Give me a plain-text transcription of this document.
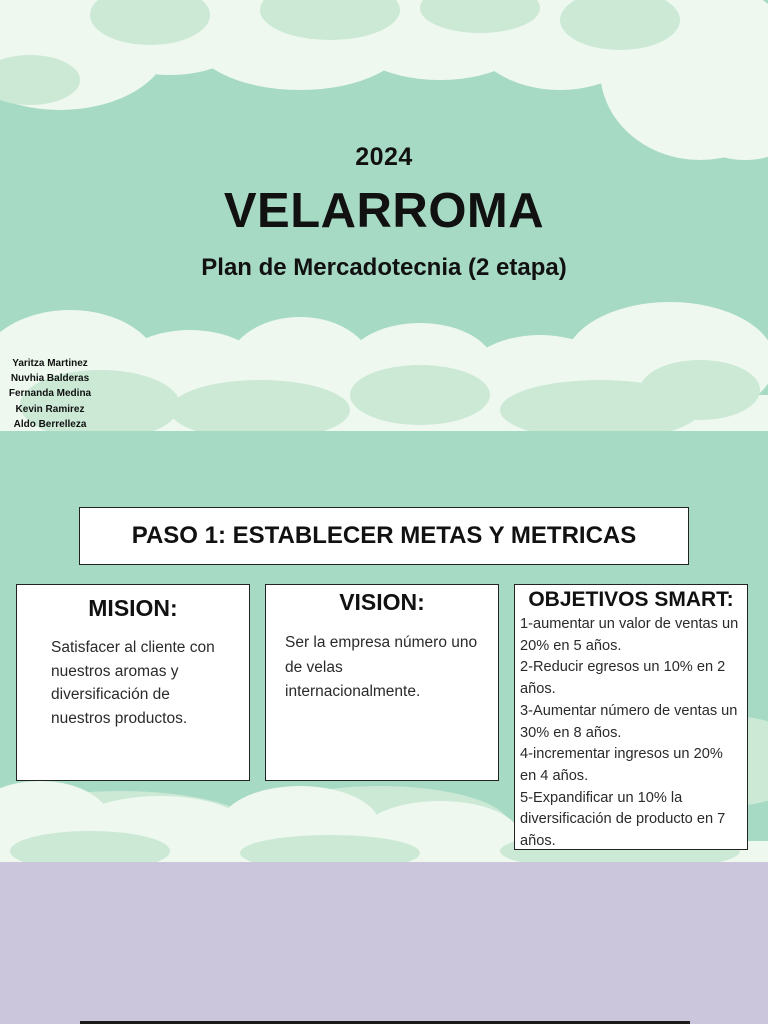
2024
VELARROMA
Plan de Mercadotecnia (2 etapa)
Yaritza Martinez
Nuvhia Balderas
Fernanda Medina
Kevin Ramirez
Aldo Berrelleza
PASO 1: ESTABLECER METAS Y METRICAS
MISION:

Satisfacer al cliente con nuestros aromas y diversificación de nuestros productos.

VISION:

Ser la empresa número uno de velas internacionalmente.

OBJETIVOS SMART:
1-aumentar un valor de ventas un 20% en 5 años.
2-Reducir egresos un 10% en 2 años.
3-Aumentar número de ventas un 30% en 8 años.
4-incrementar ingresos un 20% en 4 años.
5-Expandificar un 10% la diversificación de producto en 7 años.
